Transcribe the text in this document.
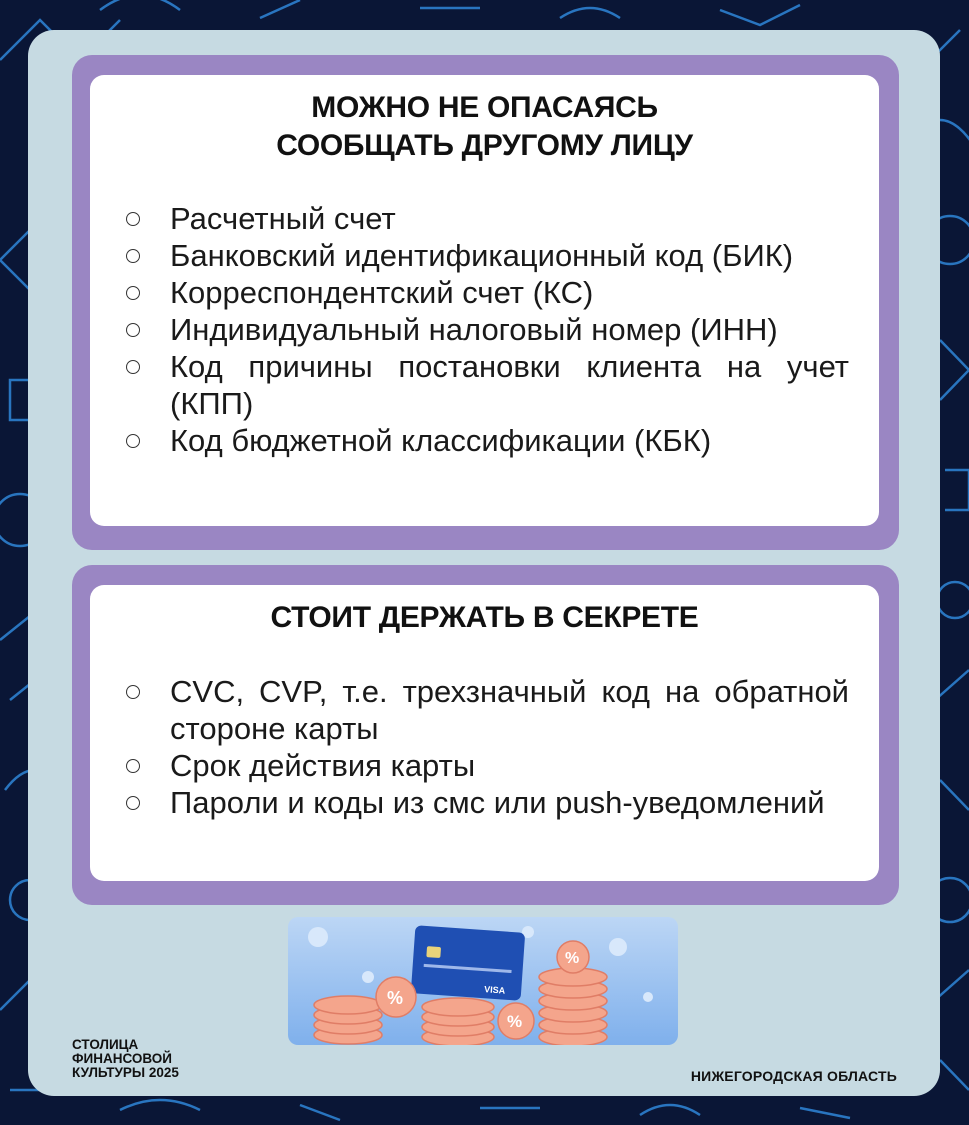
МОЖНО НЕ ОПАСАЯСЬ
СООБЩАТЬ ДРУГОМУ ЛИЦУ
Расчетный счет
Банковский идентификационный код (БИК)
Корреспондентский счет (КС)
Индивидуальный налоговый номер (ИНН)
Код причины постановки клиента на учет (КПП)
Код бюджетной классификации (КБК)
СТОИТ ДЕРЖАТЬ В СЕКРЕТЕ
CVC, CVP, т.е. трехзначный код на обратной стороне карты
Срок действия карты
Пароли и коды из смс или push-уведомлений
VISA
%
%
%
СТОЛИЦА
ФИНАНСОВОЙ
КУЛЬТУРЫ 2025	НИЖЕГОРОДСКАЯ ОБЛАСТЬ
